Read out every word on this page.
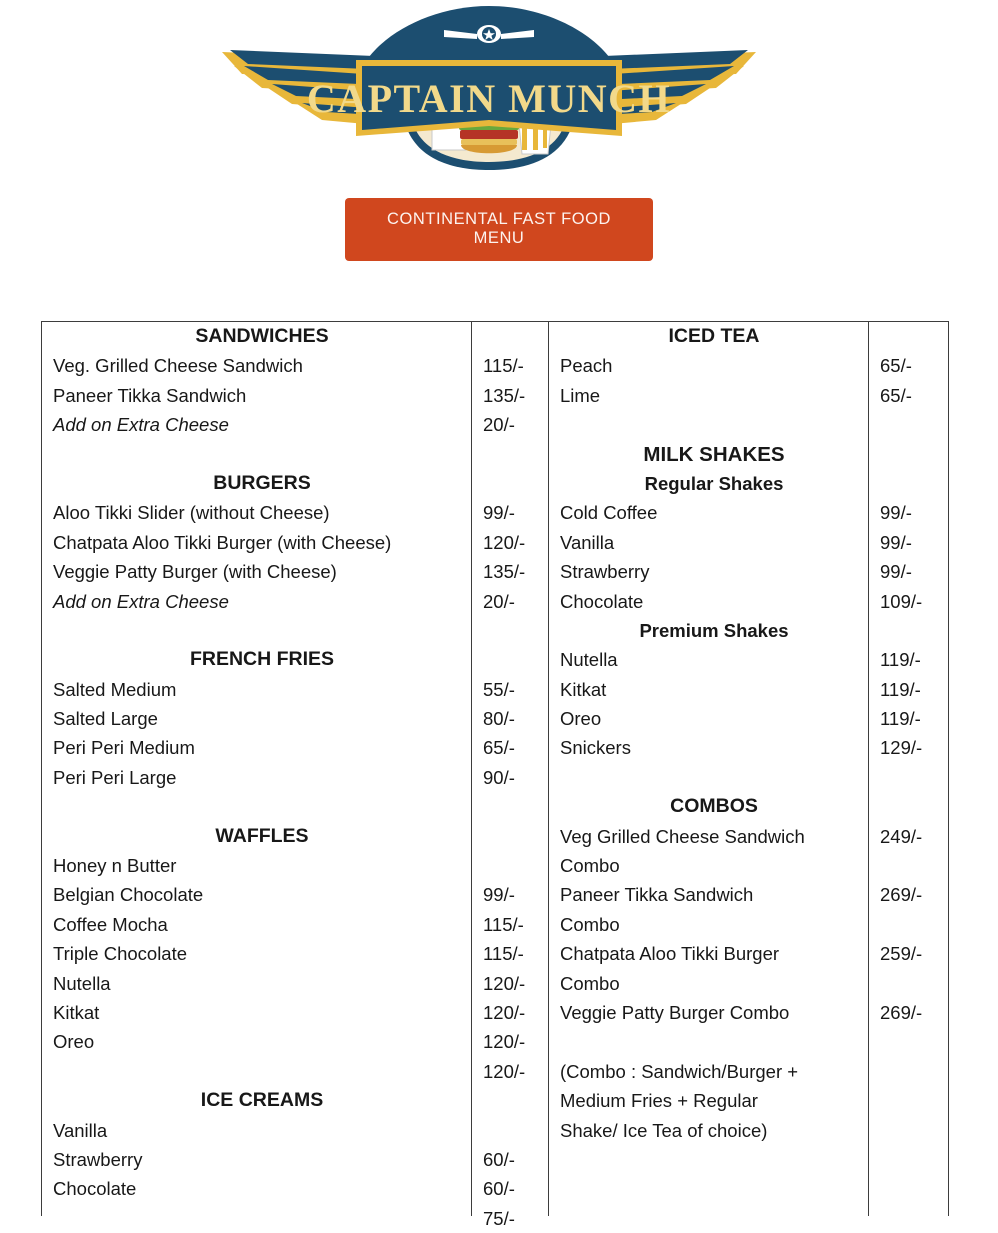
CAPTAIN MUNCH
CONTINENTAL FAST FOOD MENU
SANDWICHES
Veg. Grilled Cheese Sandwich
Paneer Tikka Sandwich
Add on Extra Cheese
BURGERS
Aloo Tikki Slider (without Cheese)
Chatpata Aloo Tikki Burger (with Cheese)
Veggie Patty Burger (with Cheese)
Add on Extra Cheese
FRENCH FRIES
Salted Medium
Salted Large
Peri Peri Medium
Peri Peri Large
WAFFLES
Honey n Butter
Belgian Chocolate
Coffee Mocha
Triple Chocolate
Nutella
Kitkat
Oreo
ICE CREAMS
Vanilla
Strawberry
Chocolate
115/-
135/-
20/-
99/-
120/-
135/-
20/-
55/-
80/-
65/-
90/-
99/-
115/-
115/-
120/-
120/-
120/-
120/-
60/-
60/-
75/-
ICED TEA
Peach
Lime
MILK SHAKES
Regular Shakes
Cold Coffee
Vanilla
Strawberry
Chocolate
Premium Shakes
Nutella
Kitkat
Oreo
Snickers
COMBOS
Veg Grilled Cheese Sandwich
Combo
Paneer Tikka Sandwich
Combo
Chatpata Aloo Tikki Burger
Combo
Veggie Patty Burger Combo
(Combo : Sandwich/Burger +
Medium Fries + Regular
Shake/ Ice Tea of choice)
65/-
65/-
99/-
99/-
99/-
109/-
119/-
119/-
119/-
129/-
249/-
269/-
259/-
269/-
